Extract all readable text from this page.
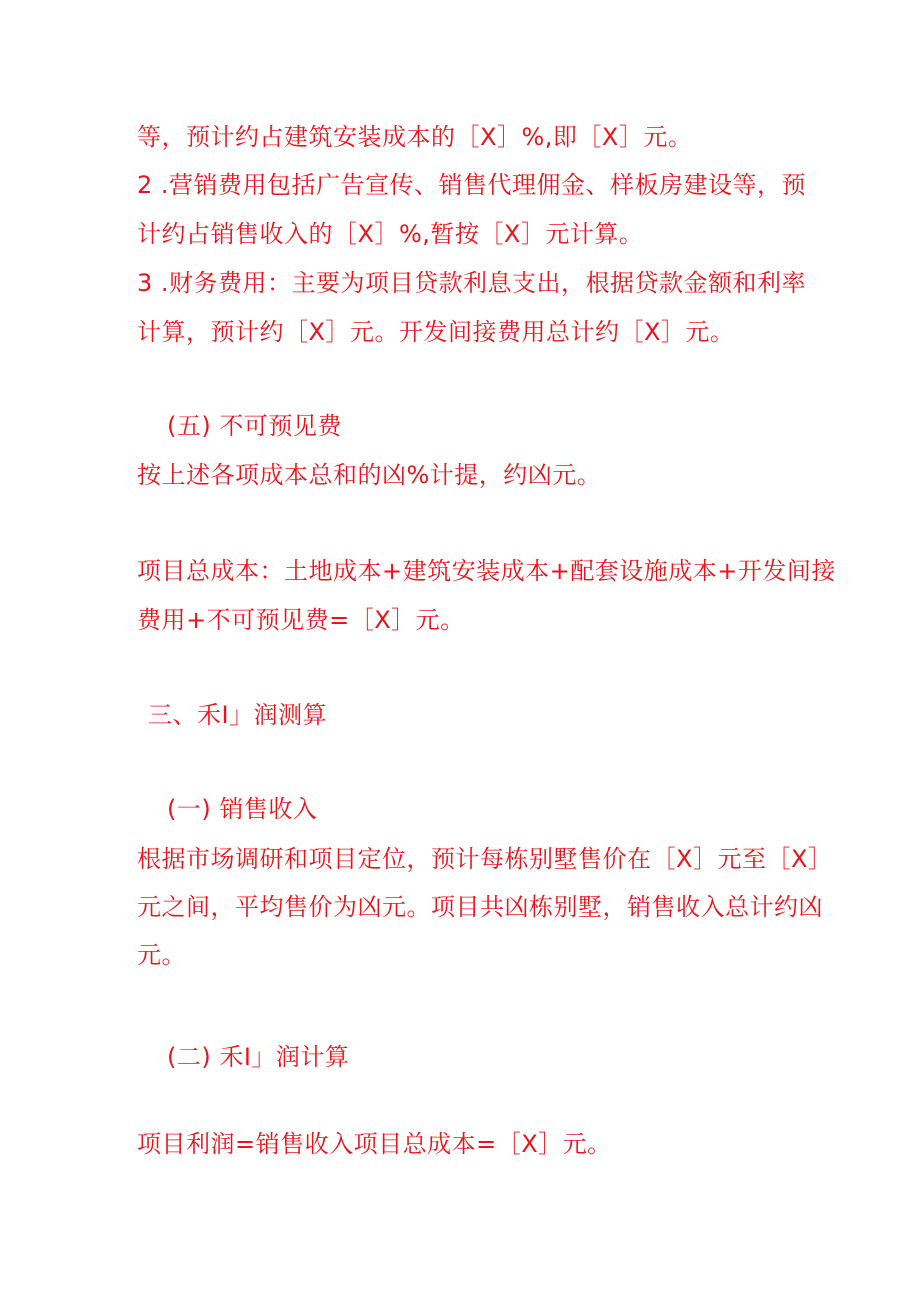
等，预计约占建筑安装成本的［X］%,即［X］元。
2 .营销费用包括广告宣传、销售代理佣金、样板房建设等，预
计约占销售收入的［X］%,暂按［X］元计算。
3 .财务费用：主要为项目贷款利息支出，根据贷款金额和利率
计算，预计约［X］元。开发间接费用总计约［X］元。
(五) 不可预见费
按上述各项成本总和的凶%计提，约凶元。
项目总成本：土地成本+建筑安装成本+配套设施成本+开发间接
费用+不可预见费=［X］元。
三、禾I」润测算
(一) 销售收入
根据市场调研和项目定位，预计每栋别墅售价在［X］元至［X］
元之间，平均售价为凶元。项目共凶栋别墅，销售收入总计约凶
元。
(二) 禾I」润计算
项目利润=销售收入项目总成本=［X］元。
